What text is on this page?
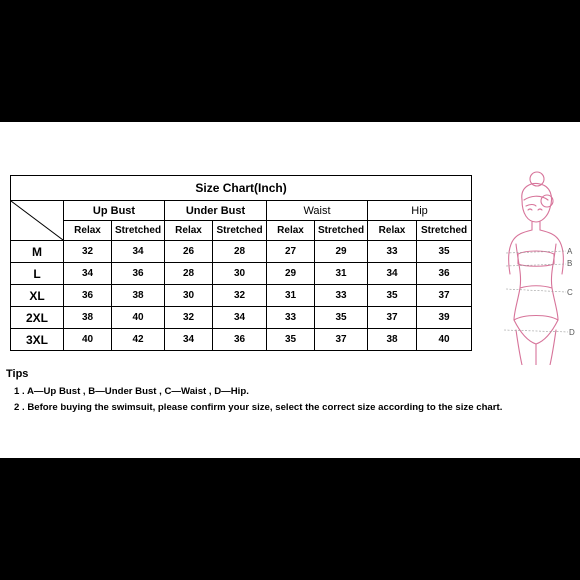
Size Chart(Inch)								

	Up Bust		Under Bust		Waist		Hip	
	Relax	Stretched	Relax	Stretched	Relax	Stretched	Relax	Stretched
M	32	34	26	28	27	29	33	35
L	34	36	28	30	29	31	34	36
XL	36	38	30	32	31	33	35	37
2XL	38	40	32	34	33	35	37	39
3XL	40	42	34	36	35	37	38	40
A
B
C
D
Tips
1 . A—Up Bust , B—Under Bust , C—Waist , D—Hip.
2 . Before buying the swimsuit, please confirm your size, select the correct size according to the size chart.
